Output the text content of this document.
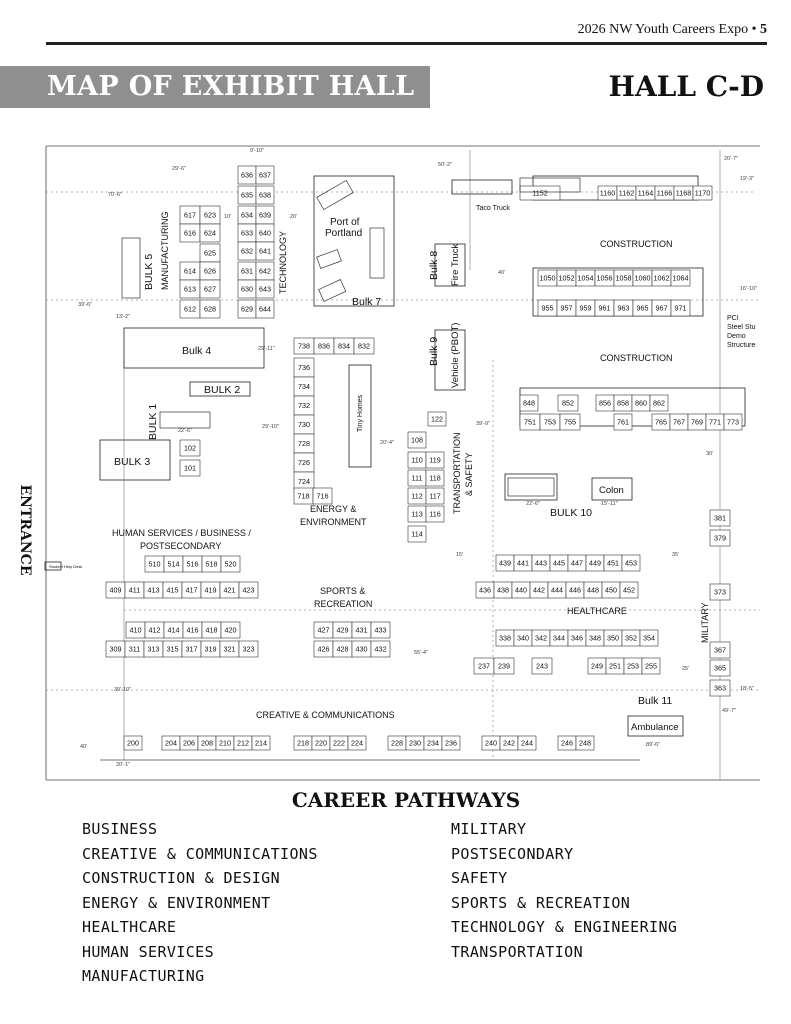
2026 NW Youth Careers Expo • 5
MAP OF EXHIBIT HALL	HALL C-D
ENTRANCE
636 637
635 638
634 639
633 640
632 641
631 642
630 643
629 644
617 623
616 624
625
614 626
613 627
612 628
1152	1160 1162 1164 1166 1168 1170
1050 1052 1054 1056 1058 1060 1062 1064
955 957 959 961 963 965 967 971
738 836 834 832
736
734
732
730
728
726
724
718 716
848	852	856 858 860 862
751 753 755	761	765 767 769 771 773
122
108
110 119
111 118
112 117
113 116
114
102
101
381
379
373
367
365
363
510 514 516 518 520
409 411 413 415 417 419 421 423
410 412 414 416 418 420
309 311 313 315 317 319 321 323
427 429 431 433
426 428 430 432
439 441 443 445 447 449 451 453
436 438 440 442 444 446 448 450 452
338 340 342 344 346 348 350 352 354
237 239	243	249 251 253 255
200	204 206 208 210 212 214	218 220 222 224	228 230 234 236	240 242 244	246 248
9'-10"
29'-6"
70'-6"
10'	20'
39'-6"
13'-2"
29'-11"
22'-6"
29'-10"
20'-4"
40'
39'-9"
50'-2"
20'-7"
19'-3"
16'-10"
30'
55'-4"
15'	35'
25'
18'-5"
49'-7"
89'-6"
20'-1"
39'-10"
22'-6"	15'-11"
40'
MANUFACTURING	TECHNOLOGY	CONSTRUCTION
CONSTRUCTION
ENERGY &
ENVIRONMENT
HUMAN SERVICES / BUSINESS /
POSTSECONDARY
SPORTS &
RECREATION
HEALTHCARE	MILITARY
CREATIVE & COMMUNICATIONS
TRANSPORTATION & SAFETY
Tiny Homes
BULK 5
Bulk 4
BULK 2
BULK 1
BULK 3
Bulk 7
Bulk 8
Bulk 9
BULK 10
Bulk 11
Port of
Portland
Fire Truck
Vehicle (PBOT)
Taco Truck
Colon
Ambulance
PCI
Steel Stu
Demo
Structure
Student Help Desk
CAREER PATHWAYS
BUSINESS
CREATIVE & COMMUNICATIONS
CONSTRUCTION & DESIGN
ENERGY & ENVIRONMENT
HEALTHCARE
HUMAN SERVICES
MANUFACTURING
MILITARY
POSTSECONDARY
SAFETY
SPORTS & RECREATION
TECHNOLOGY & ENGINEERING
TRANSPORTATION
